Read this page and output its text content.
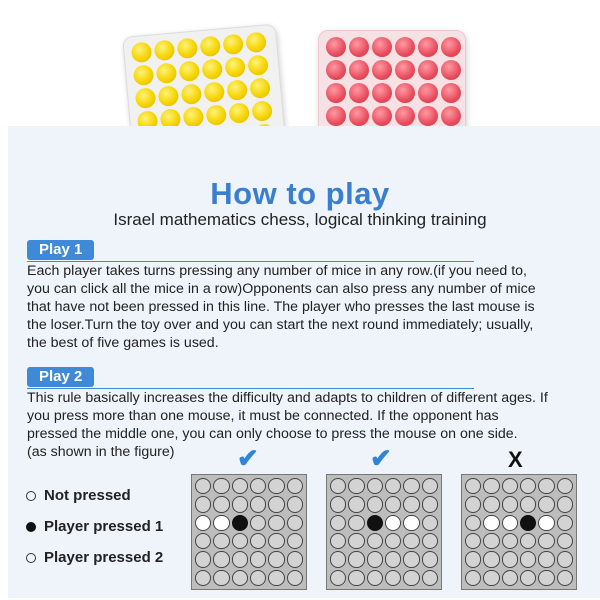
How to play
Israel mathematics chess, logical thinking training
Play 1
Each player takes turns pressing any number of mice in any row.(if you need to,
you can click all the mice in a row)Opponents can also press any number of mice
that have not been pressed in this line. The player who presses the last mouse is
the loser.Turn the toy over and you can start the next round immediately; usually,
the best of five games is used.
Play 2
This rule basically increases the difficulty and adapts to children of different ages. If
you press more than one mouse, it must be connected. If the opponent has
pressed the middle one, you can only choose to press the mouse on one side.
(as shown in the figure)
Not pressed
Player pressed 1
Player pressed 2
✔	✔	X
